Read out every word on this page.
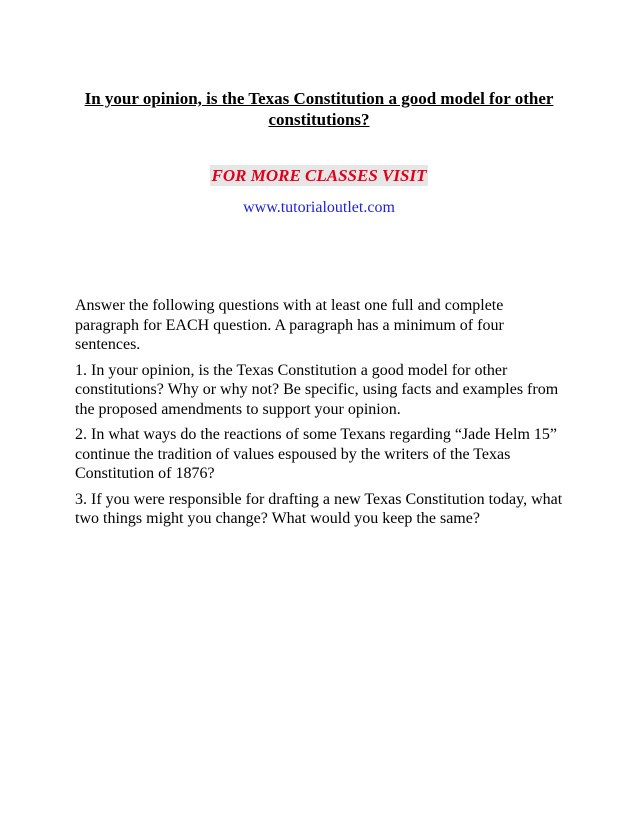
In your opinion, is the Texas Constitution a good model for other constitutions?
FOR MORE CLASSES VISIT
www.tutorialoutlet.com

Answer the following questions with at least one full and complete paragraph for EACH question. A paragraph has a minimum of four sentences.

1. In your opinion, is the Texas Constitution a good model for other constitutions? Why or why not? Be specific, using facts and examples from the proposed amendments to support your opinion.

2. In what ways do the reactions of some Texans regarding “Jade Helm 15” continue the tradition of values espoused by the writers of the Texas Constitution of 1876?

3. If you were responsible for drafting a new Texas Constitution today, what two things might you change? What would you keep the same?
